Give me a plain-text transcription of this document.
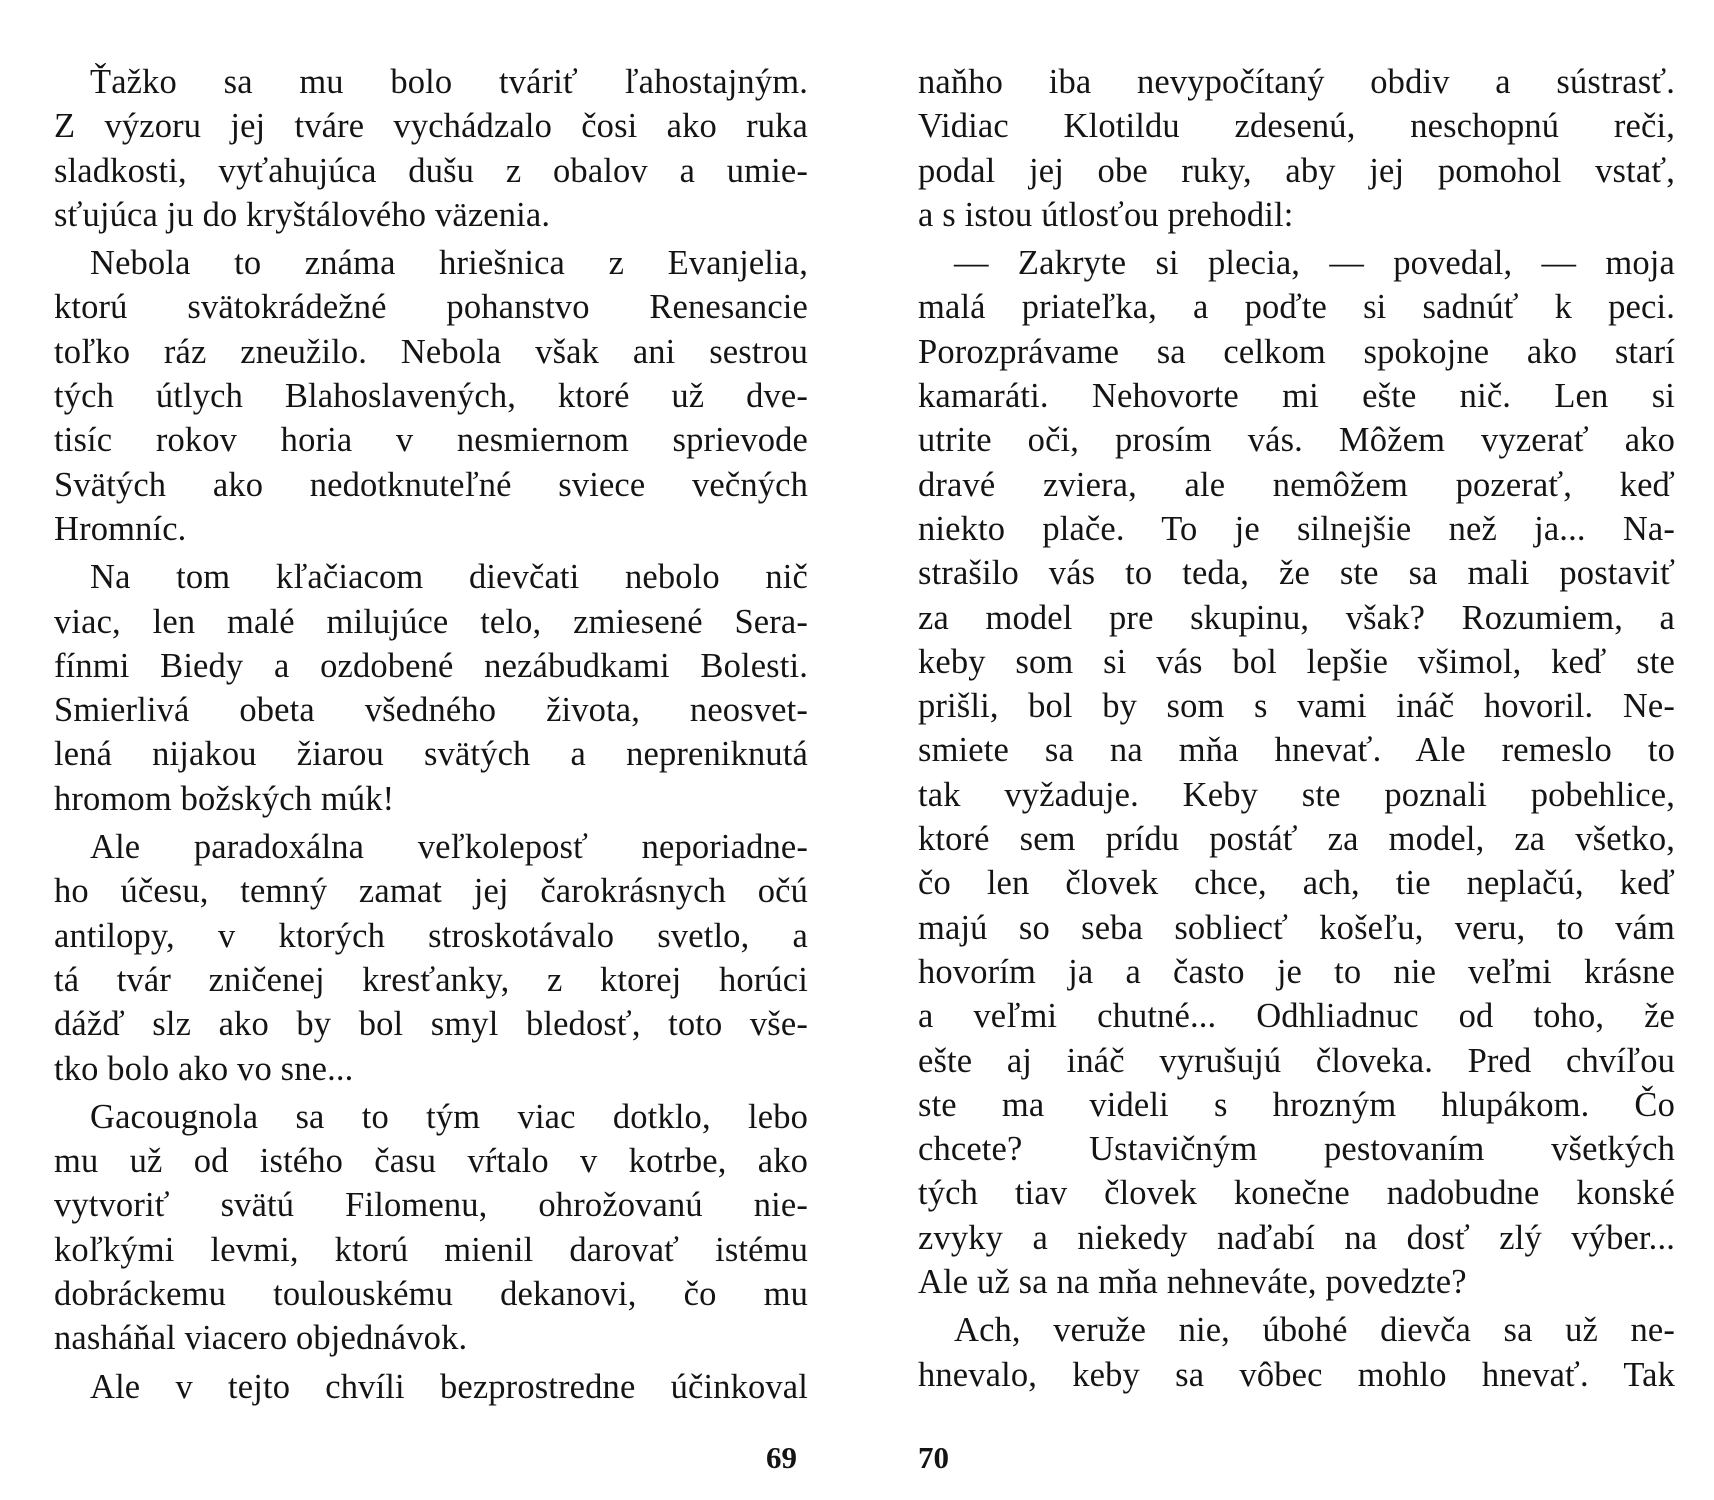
Ťažko sa mu bolo tváriť ľahostajným.
Z výzoru jej tváre vychádzalo čosi ako ruka
sladkosti, vyťahujúca dušu z obalov a umie-
sťujúca ju do kryštálového väzenia.
Nebola to známa hriešnica z Evanjelia,
ktorú svätokrádežné pohanstvo Renesancie
toľko ráz zneužilo. Nebola však ani sestrou
tých útlych Blahoslavených, ktoré už dve-
tisíc rokov horia v nesmiernom sprievode
Svätých ako nedotknuteľné sviece večných
Hromníc.
Na tom kľačiacom dievčati nebolo nič
viac, len malé milujúce telo, zmiesené Sera-
fínmi Biedy a ozdobené nezábudkami Bolesti.
Smierlivá obeta všedného života, neosvet-
lená nijakou žiarou svätých a nepreniknutá
hromom božských múk!
Ale paradoxálna veľkoleposť neporiadne-
ho účesu, temný zamat jej čarokrásnych očú
antilopy, v ktorých stroskotávalo svetlo, a
tá tvár zničenej kresťanky, z ktorej horúci
dážď slz ako by bol smyl bledosť, toto vše-
tko bolo ako vo sne...
Gacougnola sa to tým viac dotklo, lebo
mu už od istého času vŕtalo v kotrbe, ako
vytvoriť svätú Filomenu, ohrožovanú nie-
koľkými levmi, ktorú mienil darovať istému
dobráckemu toulouskému dekanovi, čo mu
nasháňal viacero objednávok.
Ale v tejto chvíli bezprostredne účinkoval
69
naňho iba nevypočítaný obdiv a sústrasť.
Vidiac Klotildu zdesenú, neschopnú reči,
podal jej obe ruky, aby jej pomohol vstať,
a s istou útlosťou prehodil:
— Zakryte si plecia, — povedal, — moja
malá priateľka, a poďte si sadnúť k peci.
Porozprávame sa celkom spokojne ako starí
kamaráti. Nehovorte mi ešte nič. Len si
utrite oči, prosím vás. Môžem vyzerať ako
dravé zviera, ale nemôžem pozerať, keď
niekto plače. To je silnejšie než ja... Na-
strašilo vás to teda, že ste sa mali postaviť
za model pre skupinu, však? Rozumiem, a
keby som si vás bol lepšie všimol, keď ste
prišli, bol by som s vami ináč hovoril. Ne-
smiete sa na mňa hnevať. Ale remeslo to
tak vyžaduje. Keby ste poznali pobehlice,
ktoré sem prídu postáť za model, za všetko,
čo len človek chce, ach, tie neplačú, keď
majú so seba sobliecť košeľu, veru, to vám
hovorím ja a často je to nie veľmi krásne
a veľmi chutné... Odhliadnuc od toho, že
ešte aj ináč vyrušujú človeka. Pred chvíľou
ste ma videli s hrozným hlupákom. Čo
chcete? Ustavičným pestovaním všetkých
tých tiav človek konečne nadobudne konské
zvyky a niekedy naďabí na dosť zlý výber...
Ale už sa na mňa nehneváte, povedzte?
Ach, veruže nie, úbohé dievča sa už ne-
hnevalo, keby sa vôbec mohlo hnevať. Tak
70
